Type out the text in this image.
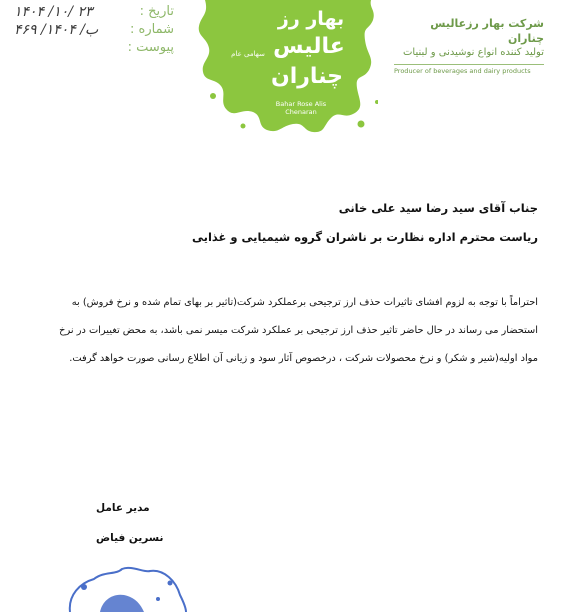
تاریخ :
۱۴۰۴ /۱۰/ ۲۳
شماره :
۴۶۹ /ب/ ۱۴۰۴
پیوست :
بهار رز
عالیس
چناران
سهامی عام
Bahar Rose Alis Chenaran
شرکت بهار رزعالیس چناران
تولید کننده انواع نوشیدنی و لبنیات
Producer of beverages and dairy products
جناب آقای سید رضا سید علی خانی
ریاست محترم اداره نظارت بر ناشران گروه شیمیایی و غذایی
احتراماً با توجه به لزوم افشای تاثیرات حذف ارز ترجیحی برعملکرد شرکت(تاثیر بر بهای تمام شده و نرخ فروش) به
استحضار می رساند در حال حاضر تاثیر حذف ارز ترجیحی بر عملکرد شرکت میسر نمی باشد، به محض تغییرات در نرخ
مواد اولیه(شیر و شکر) و نرخ محصولات شرکت ، درخصوص آثار سود و زیانی آن اطلاع رسانی صورت خواهد گرفت.
مدیر عامل
نسرین فیاض
